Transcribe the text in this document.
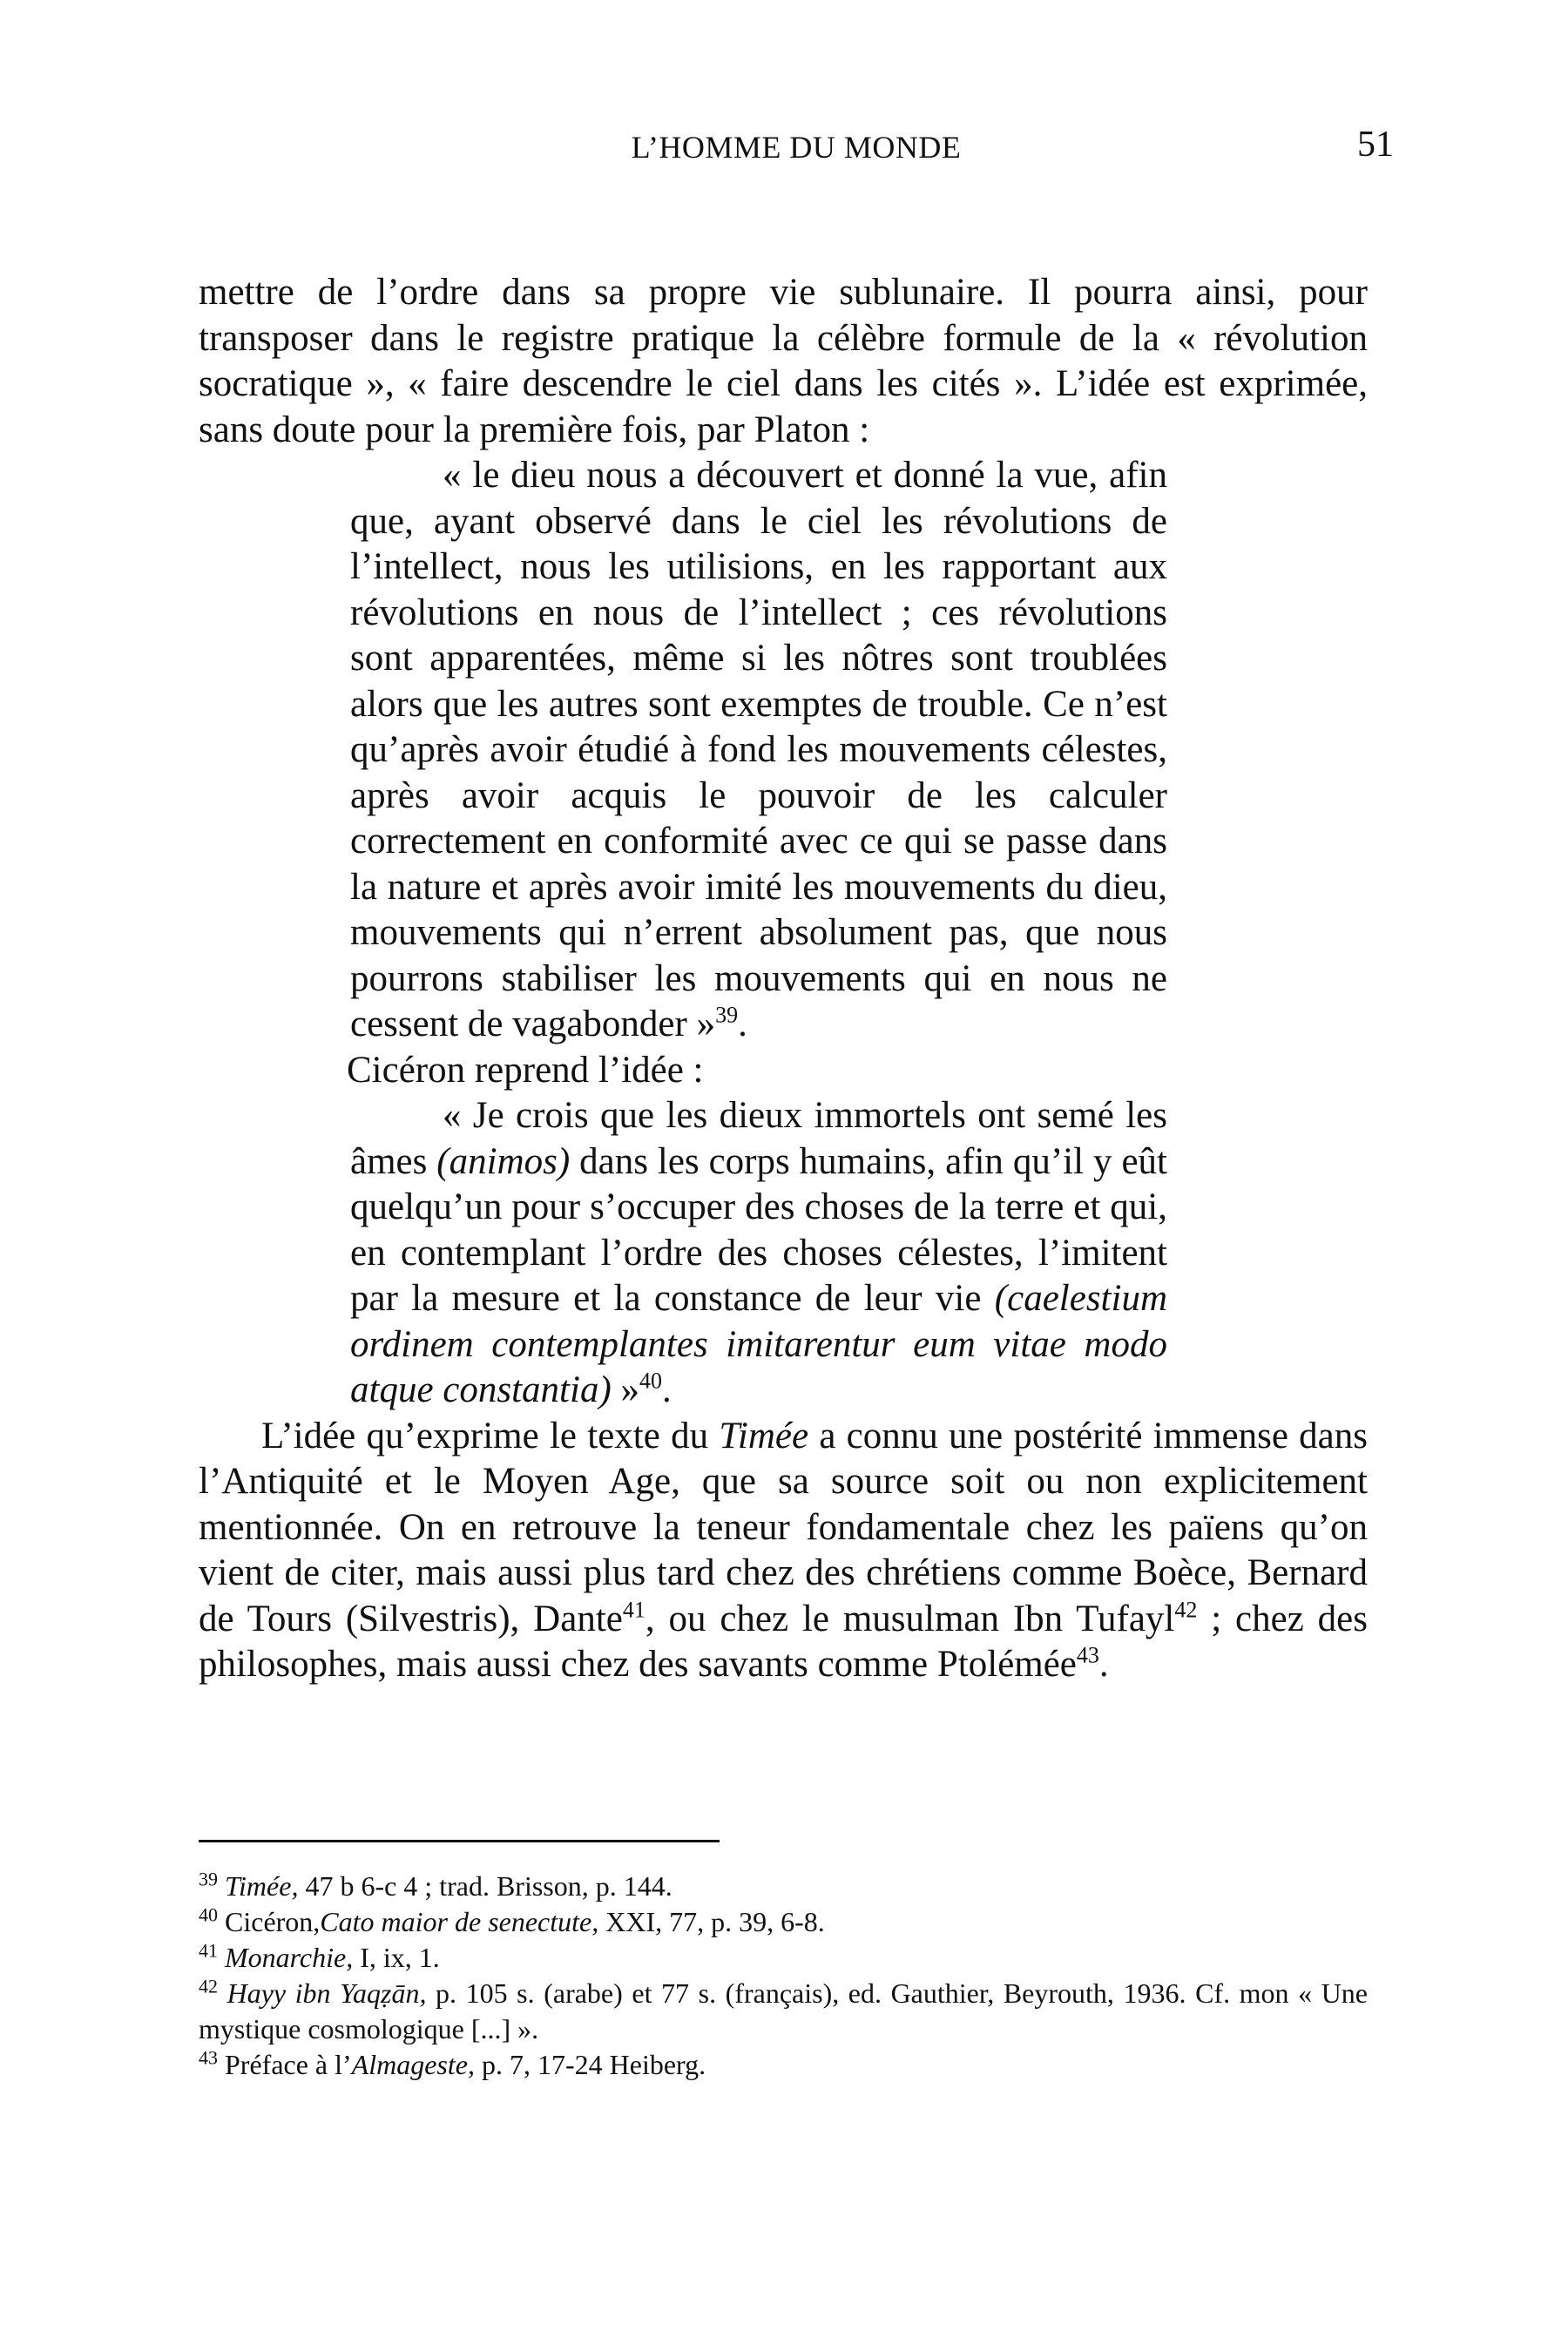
L’HOMME DU MONDE	51

mettre de l’ordre dans sa propre vie sublunaire. Il pourra ainsi, pour transposer dans le registre pratique la célèbre formule de la « révolution socratique », « faire descendre le ciel dans les cités ». L’idée est exprimée, sans doute pour la première fois, par Platon :

« le dieu nous a découvert et donné la vue, afin que, ayant observé dans le ciel les révolutions de l’intellect, nous les utilisions, en les rapportant aux révolutions en nous de l’intellect ; ces révolutions sont apparentées, même si les nôtres sont troublées alors que les autres sont exemptes de trouble. Ce n’est qu’après avoir étudié à fond les mouvements célestes, après avoir acquis le pouvoir de les calculer correctement en conformité avec ce qui se passe dans la nature et après avoir imité les mouvements du dieu, mouvements qui n’errent absolument pas, que nous pourrons stabiliser les mouvements qui en nous ne cessent de vagabonder »$^{39}$.

Cicéron reprend l’idée :

« Je crois que les dieux immortels ont semé les âmes (animos) dans les corps humains, afin qu’il y eût quelqu’un pour s’occuper des choses de la terre et qui, en contemplant l’ordre des choses célestes, l’imitent par la mesure et la constance de leur vie (caelestium ordinem contemplantes imitarentur eum vitae modo atque constantia) »$^{40}$.

L’idée qu’exprime le texte du Timée a connu une postérité immense dans l’Antiquité et le Moyen Age, que sa source soit ou non explicitement mentionnée. On en retrouve la teneur fondamentale chez les païens qu’on vient de citer, mais aussi plus tard chez des chrétiens comme Boèce, Bernard de Tours (Silvestris), Dante$^{41}$, ou chez le musulman Ibn Tufayl$^{42}$ ; chez des philosophes, mais aussi chez des savants comme Ptolémée$^{43}$.

$^{39}$ Timée, 47 b 6-c 4 ; trad. Brisson, p. 144.

$^{40}$ Cicéron,Cato maior de senectute, XXI, 77, p. 39, 6-8.

$^{41}$ Monarchie, I, ix, 1.

$^{42}$ Hayy ibn Yaqẓān, p. 105 s. (arabe) et 77 s. (français), ed. Gauthier, Beyrouth, 1936. Cf. mon « Une mystique cosmologique [...] ».

$^{43}$ Préface à l’Almageste, p. 7, 17-24 Heiberg.
